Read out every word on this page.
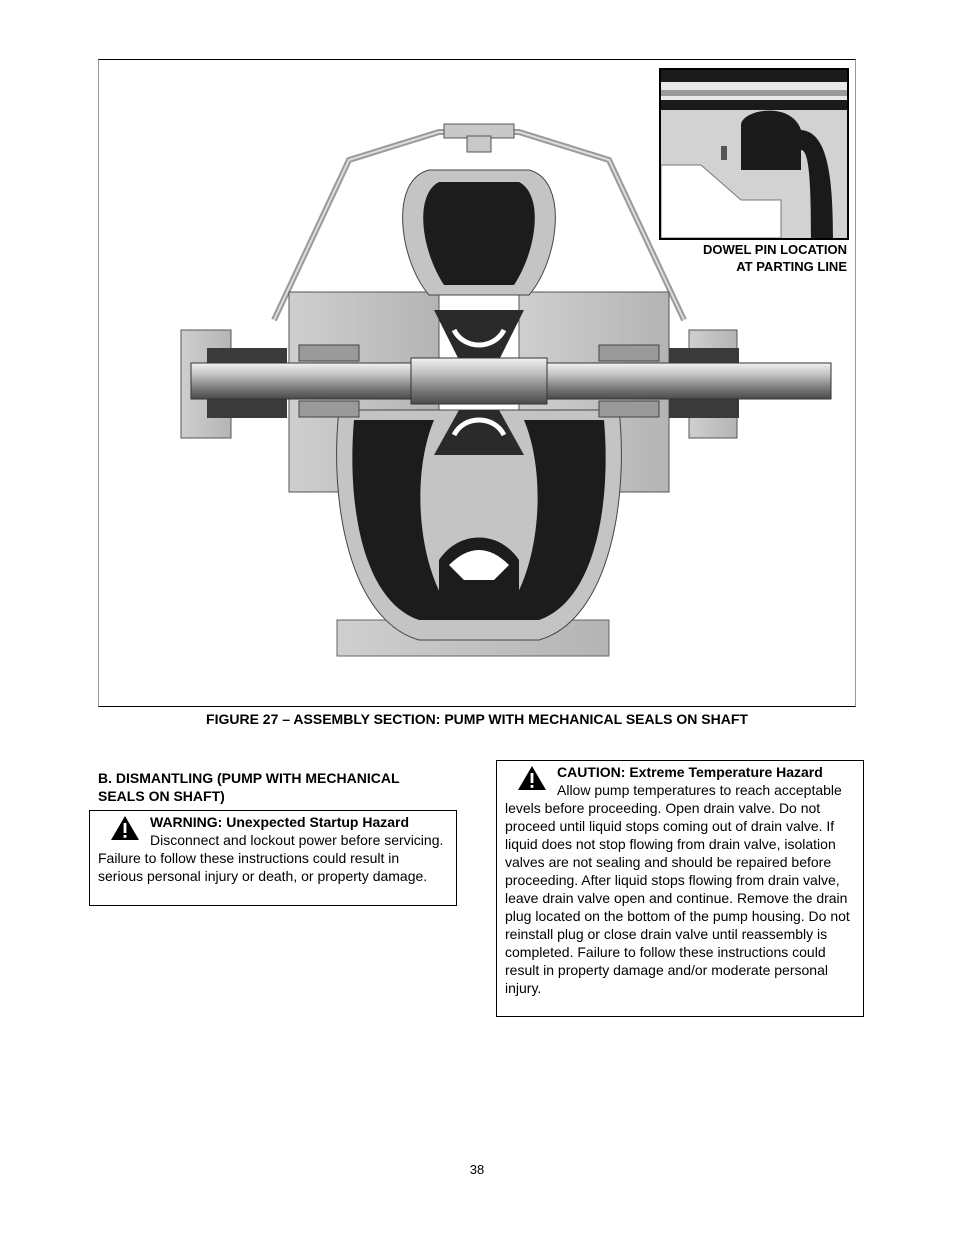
DOWEL PIN LOCATION
AT PARTING LINE
FIGURE 27 – ASSEMBLY SECTION: PUMP WITH MECHANICAL SEALS ON SHAFT
B. DISMANTLING (PUMP WITH MECHANICAL
SEALS ON SHAFT)
WARNING: Unexpected Startup Hazard
Disconnect and lockout power before servicing. Failure to follow these instructions could result in serious personal injury or death, or property damage.
CAUTION: Extreme Temperature Hazard
Allow pump temperatures to reach acceptable levels before proceeding. Open drain valve. Do not proceed until liquid stops coming out of drain valve. If liquid does not stop flowing from drain valve, isolation valves are not sealing and should be repaired before proceeding. After liquid stops flowing from drain valve, leave drain valve open and continue. Remove the drain plug located on the bottom of the pump housing. Do not reinstall plug or close drain valve until reassembly is completed. Failure to follow these instructions could result in property damage and/or moderate personal injury.
38
